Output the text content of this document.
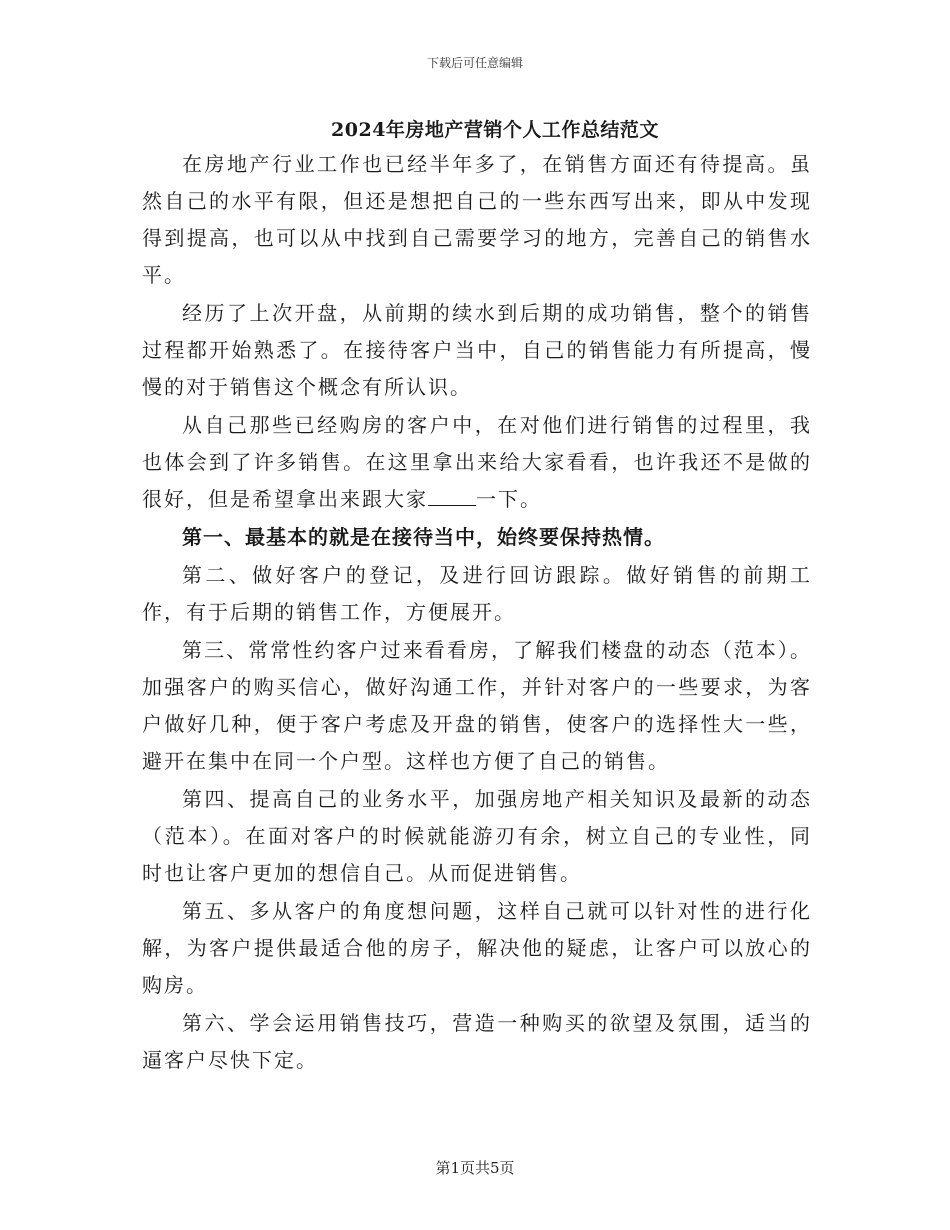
下载后可任意编辑
2024年房地产营销个人工作总结范文

在房地产行业工作也已经半年多了，在销售方面还有待提高。虽然自己的水平有限，但还是想把自己的一些东西写出来，即从中发现得到提高，也可以从中找到自己需要学习的地方，完善自己的销售水平。

经历了上次开盘，从前期的续水到后期的成功销售，整个的销售过程都开始熟悉了。在接待客户当中，自己的销售能力有所提高，慢慢的对于销售这个概念有所认识。

从自己那些已经购房的客户中，在对他们进行销售的过程里，我也体会到了许多销售。在这里拿出来给大家看看，也许我还不是做的很好，但是希望拿出来跟大家 一下。

第一、最基本的就是在接待当中，始终要保持热情。

第二、做好客户的登记，及进行回访跟踪。做好销售的前期工作，有于后期的销售工作，方便展开。

第三、常常性约客户过来看看房，了解我们楼盘的动态（范本）。加强客户的购买信心，做好沟通工作，并针对客户的一些要求，为客户做好几种，便于客户考虑及开盘的销售，使客户的选择性大一些，避开在集中在同一个户型。这样也方便了自己的销售。

第四、提高自己的业务水平，加强房地产相关知识及最新的动态（范本）。在面对客户的时候就能游刃有余，树立自己的专业性，同时也让客户更加的想信自己。从而促进销售。

第五、多从客户的角度想问题，这样自己就可以针对性的进行化解，为客户提供最适合他的房子，解决他的疑虑，让客户可以放心的购房。

第六、学会运用销售技巧，营造一种购买的欲望及氛围，适当的逼客户尽快下定。

第1页共5页
